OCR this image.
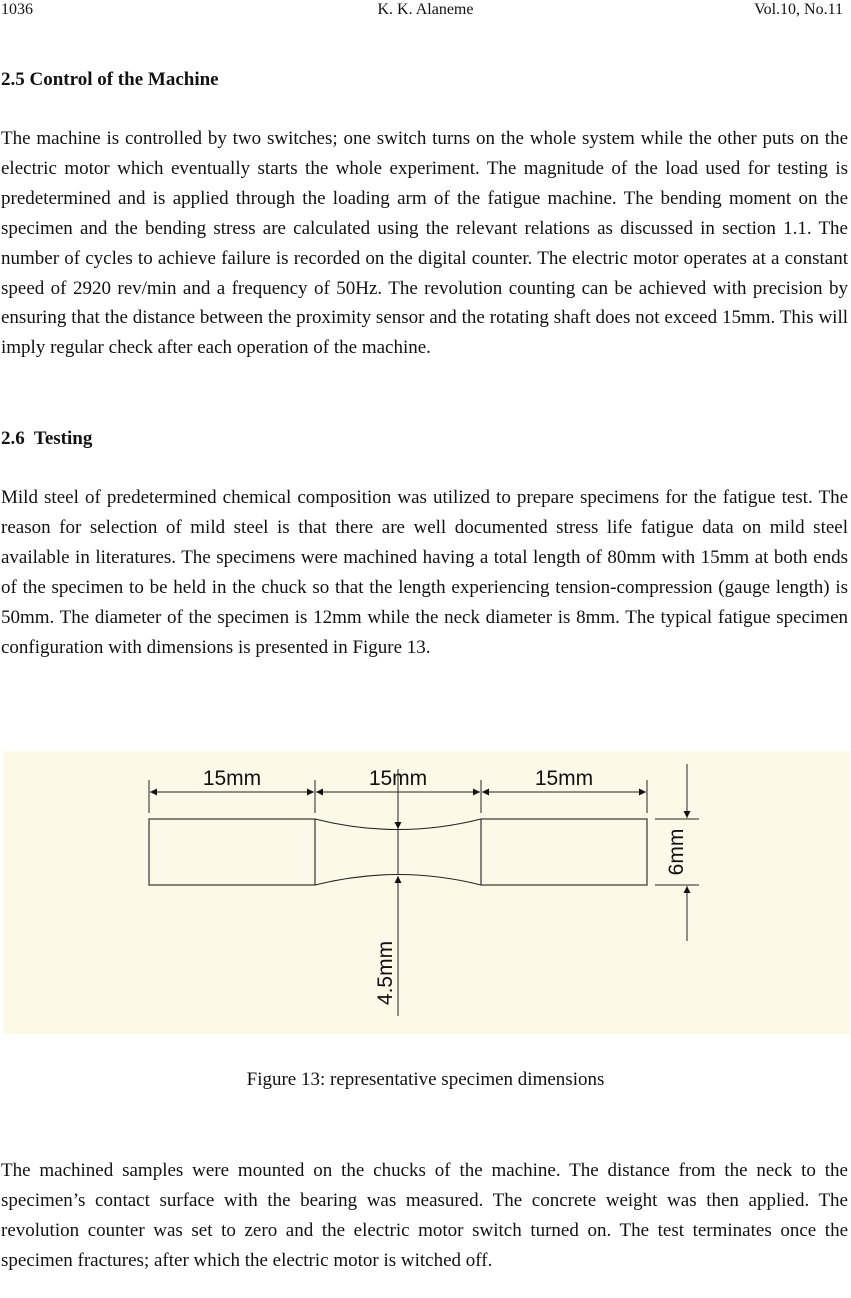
1036	K. K. Alaneme	Vol.10, No.11
2.5 Control of the Machine

The machine is controlled by two switches; one switch turns on the whole system while the other puts on the electric motor which eventually starts the whole experiment. The magnitude of the load used for testing is predetermined and is applied through the loading arm of the fatigue machine. The bending moment on the specimen and the bending stress are calculated using the relevant relations as discussed in section 1.1. The number of cycles to achieve failure is recorded on the digital counter. The electric motor operates at a constant speed of 2920 rev/min and a frequency of 50Hz. The revolution counting can be achieved with precision by ensuring that the distance between the proximity sensor and the rotating shaft does not exceed 15mm. This will imply regular check after each operation of the machine.

2.6  Testing

Mild steel of predetermined chemical composition was utilized to prepare specimens for the fatigue test. The reason for selection of mild steel is that there are well documented stress life fatigue data on mild steel available in literatures. The specimens were machined having a total length of 80mm with 15mm at both ends of the specimen to be held in the chuck so that the length experiencing tension-compression (gauge length) is 50mm. The diameter of the specimen is 12mm while the neck diameter is 8mm. The typical fatigue specimen configuration with dimensions is presented in Figure 13.

15mm	15mm	15mm
6mm
4.5mm

Figure 13: representative specimen dimensions

The machined samples were mounted on the chucks of the machine. The distance from the neck to the specimen’s contact surface with the bearing was measured. The concrete weight was then applied. The revolution counter was set to zero and the electric motor switch turned on. The test terminates once the specimen fractures; after which the electric motor is witched off.
